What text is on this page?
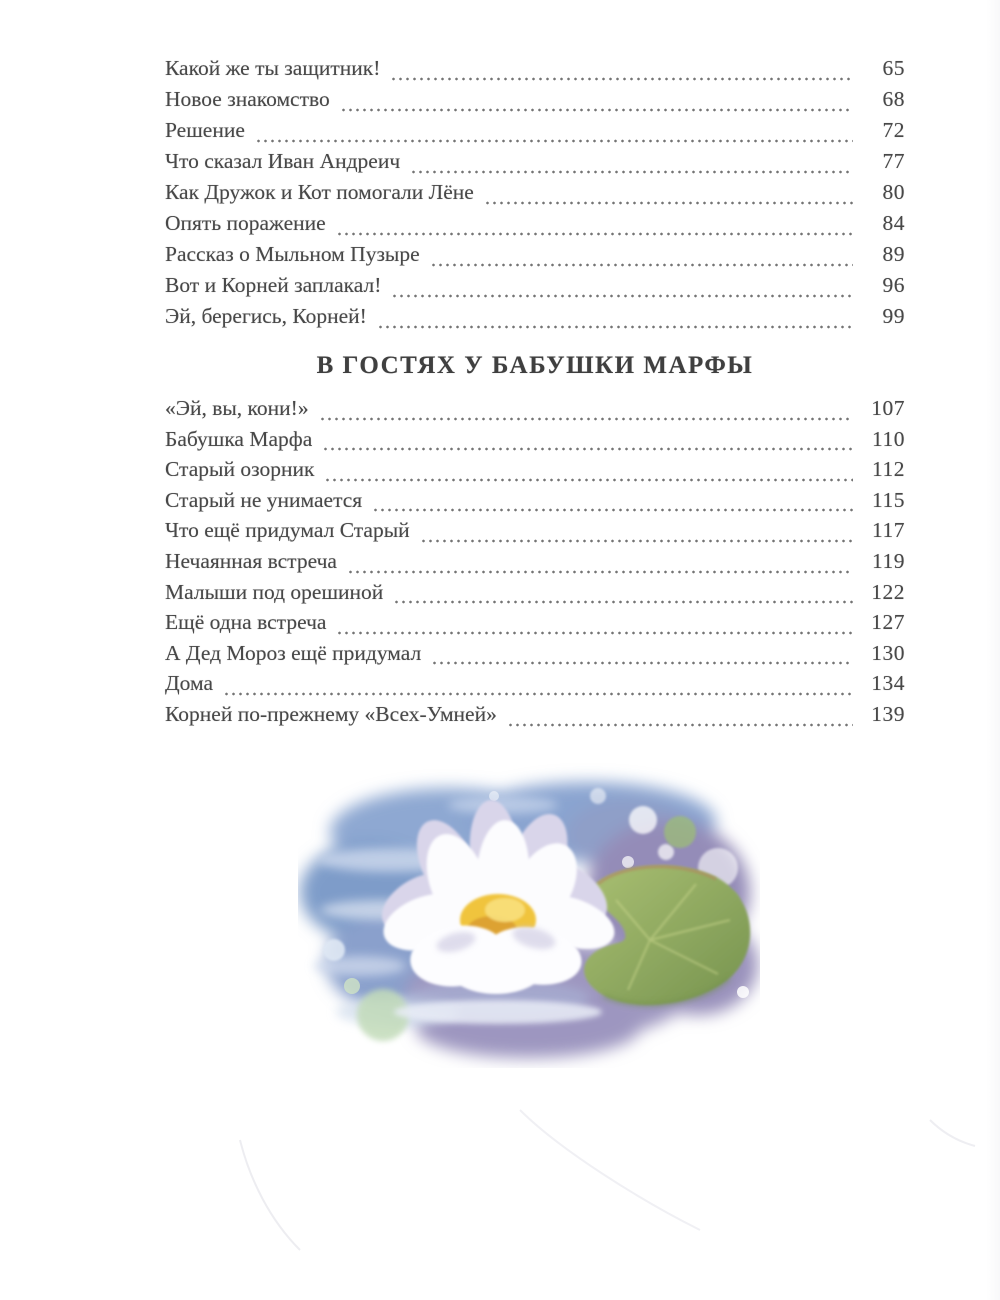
Какой же ты защитник!	65
Новое знакомство	68
Решение	72
Что сказал Иван Андреич	77
Как Дружок и Кот помогали Лёне	80
Опять поражение	84
Рассказ о Мыльном Пузыре	89
Вот и Корней заплакал!	96
Эй, берегись, Корней!	99
В ГОСТЯХ У БАБУШКИ МАРФЫ
«Эй, вы, кони!»	107
Бабушка Марфа	110
Старый озорник	112
Старый не унимается	115
Что ещё придумал Старый	117
Нечаянная встреча	119
Малыши под орешиной	122
Ещё одна встреча	127
А Дед Мороз ещё придумал	130
Дома	134
Корней по-прежнему «Всех-Умней»	139
